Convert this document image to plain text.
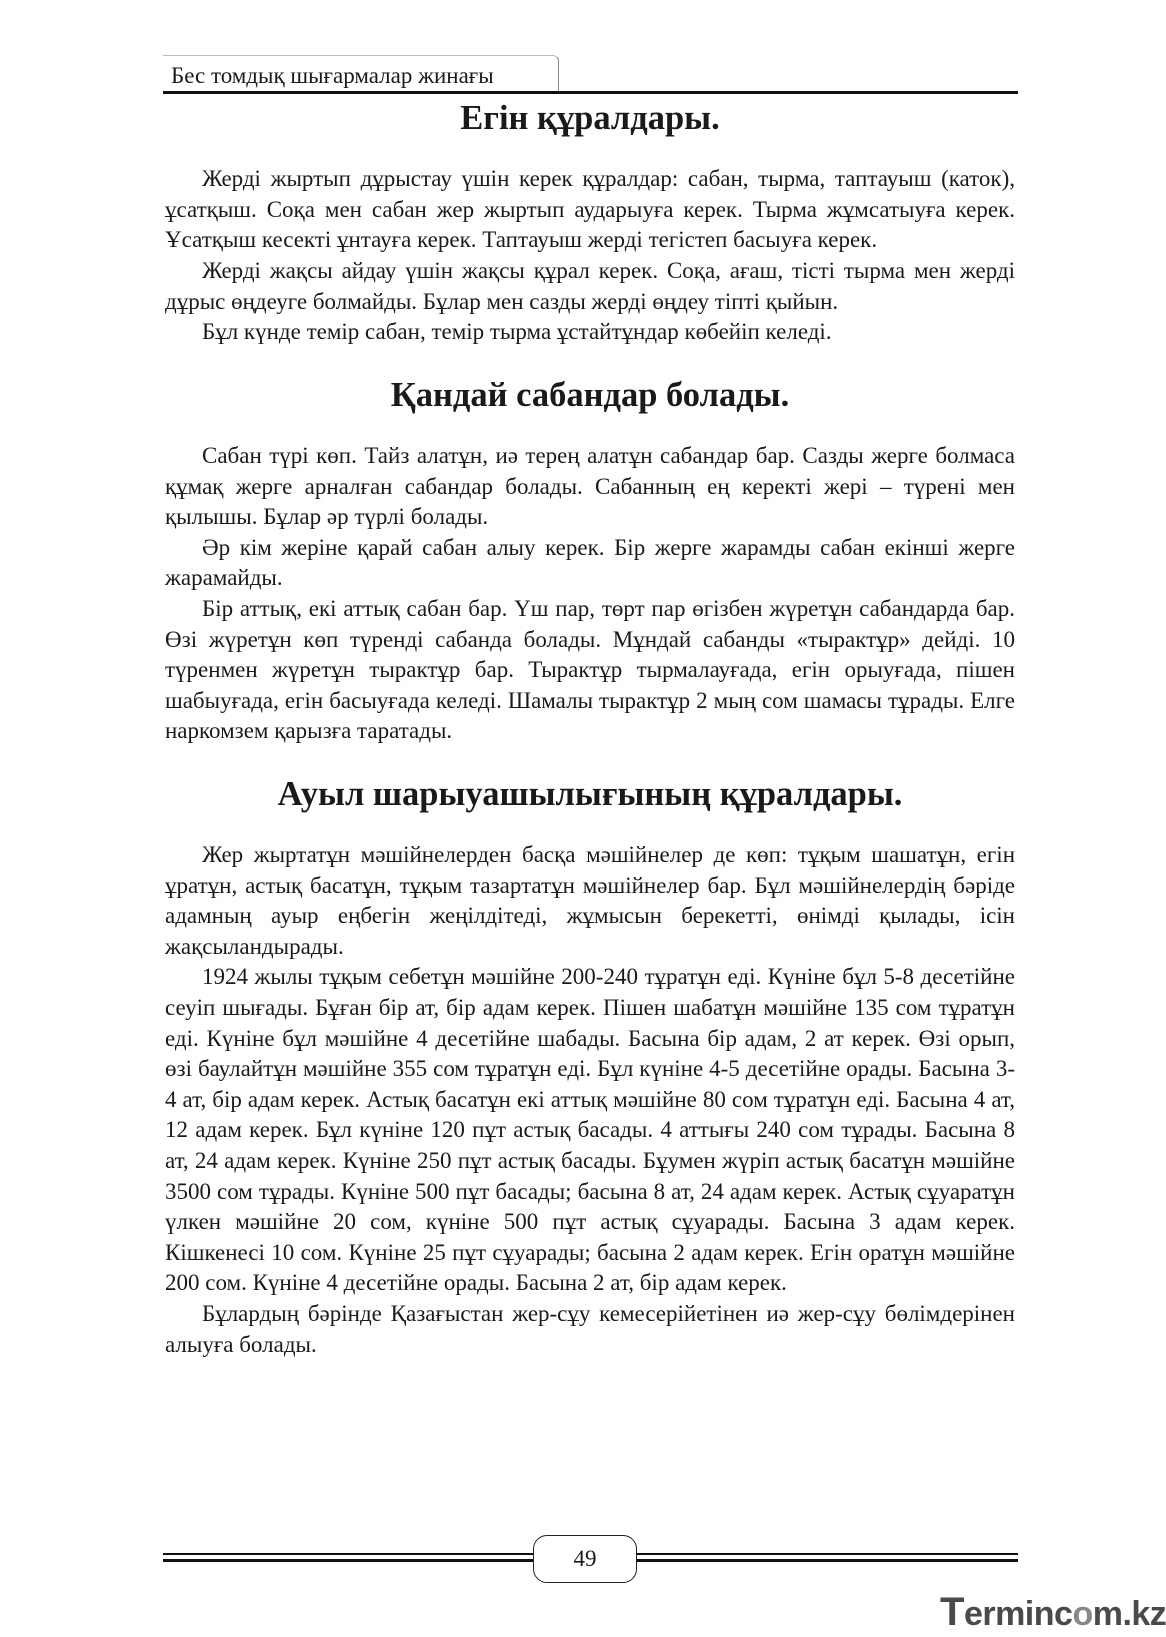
Бес томдық шығармалар жинағы
Егін құралдары.

Жерді жыртып дұрыстау үшін керек құралдар: сабан, тырма, таптауыш (каток), ұсатқыш. Соқа мен сабан жер жыртып аударыуға керек. Тырма жұмсатыуға керек. Ұсатқыш кесекті ұнтауға керек. Таптауыш жерді тегістеп басыуға керек.

Жерді жақсы айдау үшін жақсы құрал керек. Соқа, ағаш, тісті тырма мен жерді дұрыс өңдеуге болмайды. Бұлар мен сазды жерді өңдеу тіпті қыйын.

Бұл күнде темір сабан, темір тырма ұстайтұндар көбейіп келеді.

Қандай сабандар болады.

Сабан түрі көп. Тайз алатұн, иә терең алатұн сабандар бар. Сазды жерге болмаса құмақ жерге арналған сабандар болады. Сабанның ең керекті жері – түрені мен қылышы. Бұлар әр түрлі болады.

Әр кім жеріне қарай сабан алыу керек. Бір жерге жарамды сабан екінші жерге жарамайды.

Бір аттық, екі аттық сабан бар. Үш пар, төрт пар өгізбен жүретұн сабандарда бар. Өзі жүретұн көп түренді сабанда болады. Мұндай сабанды «тырактұр» дейді. 10 түренмен жүретұн тырактұр бар. Тырактұр тырмалауғада, егін орыуғада, пішен шабыуғада, егін басыуғада келеді. Шамалы тырактұр 2 мың сом шамасы тұрады. Елге наркомзем қарызға таратады.

Ауыл шарыуашылығының құралдары.

Жер жыртатұн мәшійнелерден басқа мәшійнелер де көп: тұқым шашатұн, егін ұратұн, астық басатұн, тұқым тазартатұн мәшійнелер бар. Бұл мәшійнелердің бәріде адамның ауыр еңбегін жеңілдітеді, жұмысын берекетті, өнімді қылады, ісін жақсыландырады.

1924 жылы тұқым себетұн мәшійне 200-240 тұратұн еді. Күніне бұл 5-8 десетійне сеуіп шығады. Бұған бір ат, бір адам керек. Пішен шабатұн мәшійне 135 сом тұратұн еді. Күніне бұл мәшійне 4 десетійне шабады. Басына бір адам, 2 ат керек. Өзі орып, өзі баулайтұн мәшійне 355 сом тұратұн еді. Бұл күніне 4-5 десетійне орады. Басына 3-4 ат, бір адам керек. Астық басатұн екі аттық мәшійне 80 сом тұратұн еді. Басына 4 ат, 12 адам керек. Бұл күніне 120 пұт астық басады. 4 аттығы 240 сом тұрады. Басына 8 ат, 24 адам керек. Күніне 250 пұт астық басады. Бұумен жүріп астық басатұн мәшійне 3500 сом тұрады. Күніне 500 пұт басады; басына 8 ат, 24 адам керек. Астық сұуаратұн үлкен мәшійне 20 сом, күніне 500 пұт астық сұуарады. Басына 3 адам керек. Кішкенесі 10 сом. Күніне 25 пұт сұуарады; басына 2 адам керек. Егін оратұн мәшійне 200 сом. Күніне 4 десетійне орады. Басына 2 ат, бір адам керек.

Бұлардың бәрінде Қазағыстан жер-сұу кемесерійетінен иә жер-сұу бөлімдерінен алыуға болады.

49
Termincom.kz
